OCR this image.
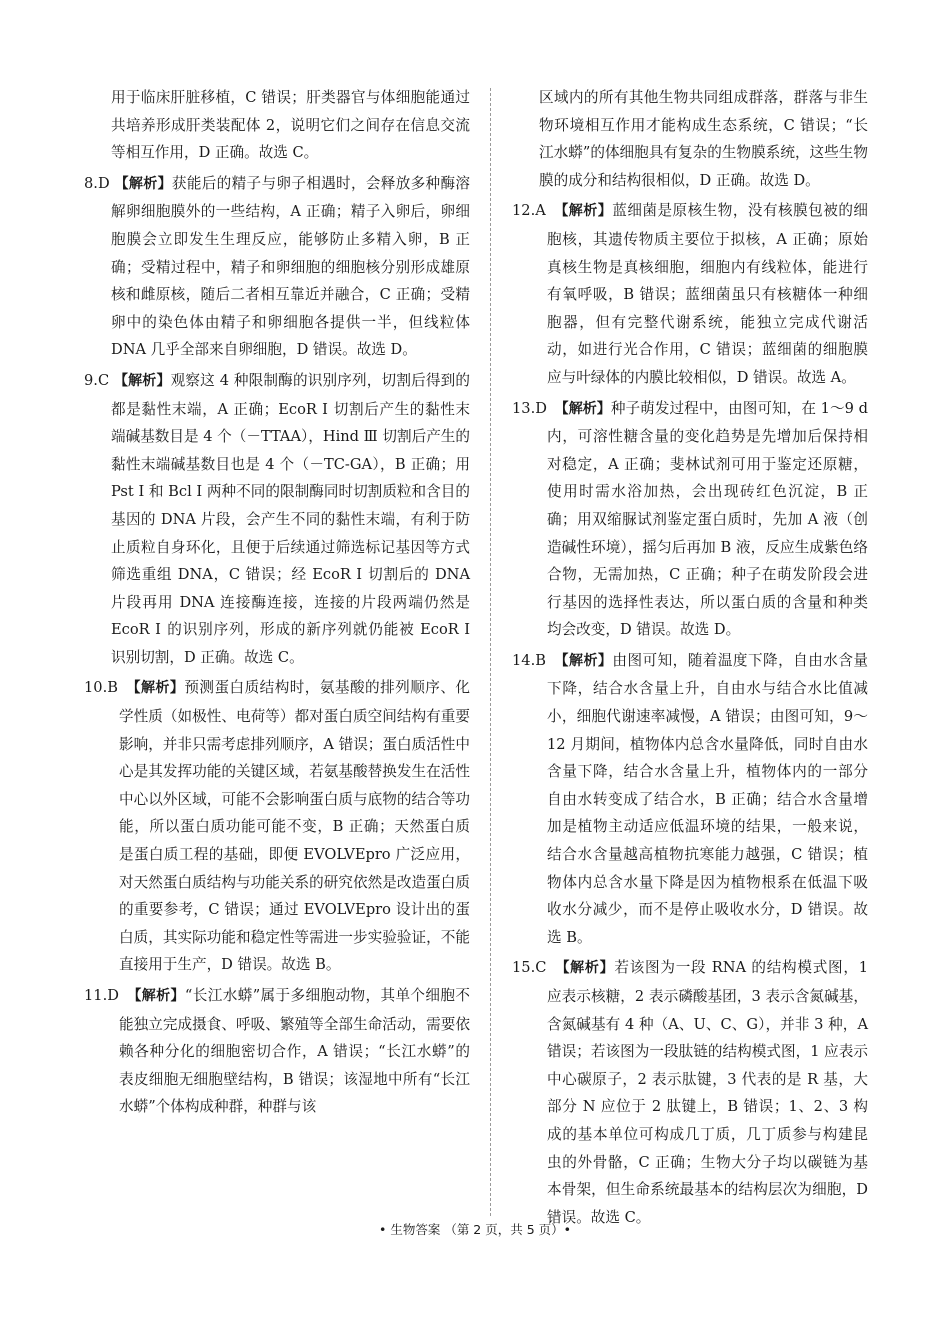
用于临床肝脏移植，C 错误；肝类器官与体细胞能通过共培养形成肝类装配体 2，说明它们之间存在信息交流等相互作用，D 正确。故选 C。
8.D 【解析】获能后的精子与卵子相遇时，会释放多种酶溶解卵细胞膜外的一些结构，A 正确；精子入卵后，卵细胞膜会立即发生生理反应，能够防止多精入卵，B 正确；受精过程中，精子和卵细胞的细胞核分别形成雄原核和雌原核，随后二者相互靠近并融合，C 正确；受精卵中的染色体由精子和卵细胞各提供一半，但线粒体 DNA 几乎全部来自卵细胞，D 错误。故选 D。
9.C 【解析】观察这 4 种限制酶的识别序列，切割后得到的都是黏性末端，A 正确；EcoR Ⅰ 切割后产生的黏性末端碱基数目是 4 个（－TTAA），Hind Ⅲ 切割后产生的黏性末端碱基数目也是 4 个（－TC-GA），B 正确；用 Pst Ⅰ 和 Bcl Ⅰ 两种不同的限制酶同时切割质粒和含目的基因的 DNA 片段，会产生不同的黏性末端，有利于防止质粒自身环化，且便于后续通过筛选标记基因等方式筛选重组 DNA，C 错误；经 EcoR Ⅰ 切割后的 DNA 片段再用 DNA 连接酶连接，连接的片段两端仍然是 EcoR Ⅰ 的识别序列，形成的新序列就仍能被 EcoR Ⅰ 识别切割，D 正确。故选 C。
10.B　 【解析】预测蛋白质结构时，氨基酸的排列顺序、化学性质（如极性、电荷等）都对蛋白质空间结构有重要影响，并非只需考虑排列顺序，A 错误；蛋白质活性中心是其发挥功能的关键区域，若氨基酸替换发生在活性中心以外区域，可能不会影响蛋白质与底物的结合等功能，所以蛋白质功能可能不变，B 正确；天然蛋白质是蛋白质工程的基础，即便 EVOLVEpro 广泛应用，对天然蛋白质结构与功能关系的研究依然是改造蛋白质的重要参考，C 错误；通过 EVOLVEpro 设计出的蛋白质，其实际功能和稳定性等需进一步实验验证，不能直接用于生产，D 错误。故选 B。
11.D　 【解析】“长江水蟒”属于多细胞动物，其单个细胞不能独立完成摄食、呼吸、繁殖等全部生命活动，需要依赖各种分化的细胞密切合作，A 错误；“长江水蟒”的表皮细胞无细胞壁结构，B 错误；该湿地中所有“长江水蟒”个体构成种群，种群与该
区域内的所有其他生物共同组成群落，群落与非生物环境相互作用才能构成生态系统，C 错误；“长江水蟒”的体细胞具有复杂的生物膜系统，这些生物膜的成分和结构很相似，D 正确。故选 D。
12.A　 【解析】蓝细菌是原核生物，没有核膜包被的细胞核，其遗传物质主要位于拟核，A 正确；原始真核生物是真核细胞，细胞内有线粒体，能进行有氧呼吸，B 错误；蓝细菌虽只有核糖体一种细胞器，但有完整代谢系统，能独立完成代谢活动，如进行光合作用，C 错误；蓝细菌的细胞膜应与叶绿体的内膜比较相似，D 错误。故选 A。
13.D　 【解析】种子萌发过程中，由图可知，在 1～9 d 内，可溶性糖含量的变化趋势是先增加后保持相对稳定，A 正确；斐林试剂可用于鉴定还原糖，使用时需水浴加热，会出现砖红色沉淀，B 正确；用双缩脲试剂鉴定蛋白质时，先加 A 液（创造碱性环境），摇匀后再加 B 液，反应生成紫色络合物，无需加热，C 正确；种子在萌发阶段会进行基因的选择性表达，所以蛋白质的含量和种类均会改变，D 错误。故选 D。
14.B　 【解析】由图可知，随着温度下降，自由水含量下降，结合水含量上升，自由水与结合水比值减小，细胞代谢速率减慢，A 错误；由图可知，9～12 月期间，植物体内总含水量降低，同时自由水含量下降，结合水含量上升，植物体内的一部分自由水转变成了结合水，B 正确；结合水含量增加是植物主动适应低温环境的结果，一般来说，结合水含量越高植物抗寒能力越强，C 错误；植物体内总含水量下降是因为植物根系在低温下吸收水分减少，而不是停止吸收水分，D 错误。故选 B。
15.C　 【解析】若该图为一段 RNA 的结构模式图，1 应表示核糖，2 表示磷酸基团，3 表示含氮碱基，含氮碱基有 4 种（A、U、C、G），并非 3 种，A 错误；若该图为一段肽链的结构模式图，1 应表示中心碳原子，2 表示肽键，3 代表的是 R 基，大部分 N 应位于 2 肽键上，B 错误；1、2、3 构成的基本单位可构成几丁质，几丁质参与构建昆虫的外骨骼，C 正确；生物大分子均以碳链为基本骨架，但生命系统最基本的结构层次为细胞，D 错误。故选 C。
• 生物答案 （第 2 页，共 5 页）•
